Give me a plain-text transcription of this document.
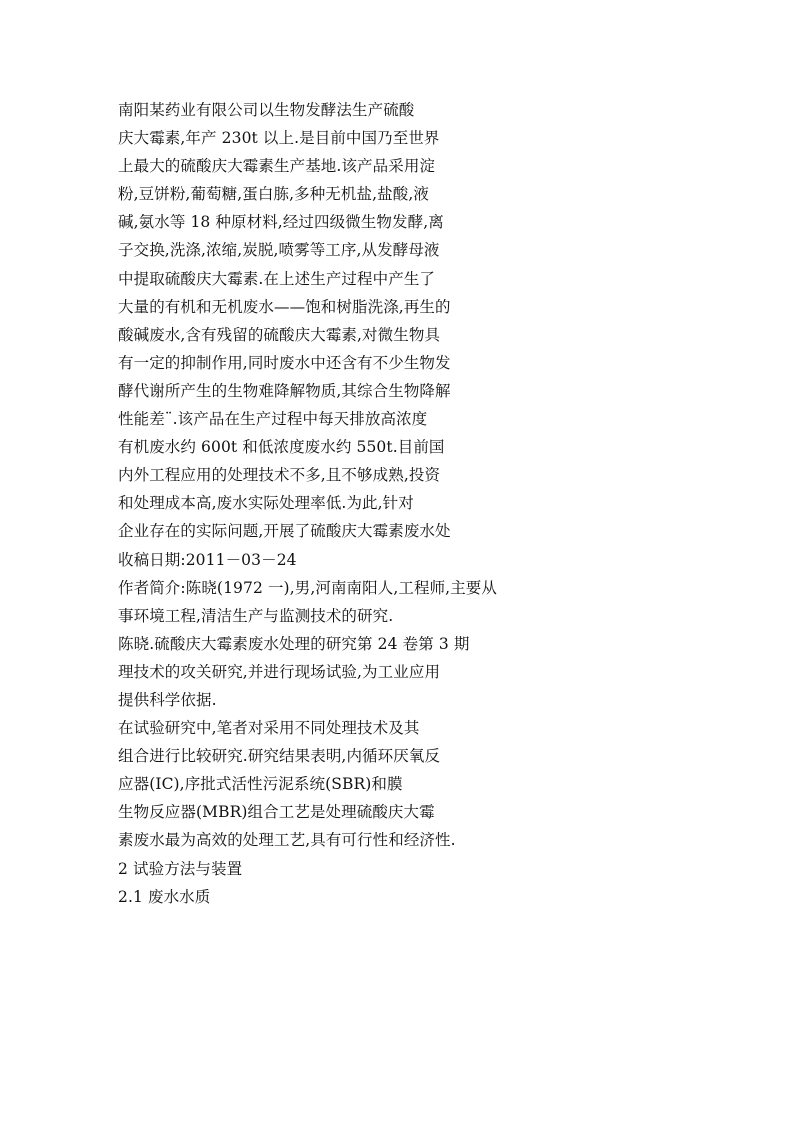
南阳某药业有限公司以生物发酵法生产硫酸
庆大霉素,年产 230t 以上.是目前中国乃至世界
上最大的硫酸庆大霉素生产基地.该产品采用淀
粉,豆饼粉,葡萄糖,蛋白胨,多种无机盐,盐酸,液
碱,氨水等 18 种原材料,经过四级微生物发酵,离
子交换,洗涤,浓缩,炭脱,喷雾等工序,从发酵母液
中提取硫酸庆大霉素.在上述生产过程中产生了
大量的有机和无机废水——饱和树脂洗涤,再生的
酸碱废水,含有残留的硫酸庆大霉素,对微生物具
有一定的抑制作用,同时废水中还含有不少生物发
酵代谢所产生的生物难降解物质,其综合生物降解
性能差¨.该产品在生产过程中每天排放高浓度
有机废水约 600t 和低浓度废水约 550t.目前国
内外工程应用的处理技术不多,且不够成熟,投资
和处理成本高,废水实际处理率低.为此,针对
企业存在的实际问题,开展了硫酸庆大霉素废水处
收稿日期:2011－03－24
作者简介:陈晓(1972 一),男,河南南阳人,工程师,主要从
事环境工程,清洁生产与监测技术的研究.
陈晓.硫酸庆大霉素废水处理的研究第 24 卷第 3 期
理技术的攻关研究,并进行现场试验,为工业应用
提供科学依据.
在试验研究中,笔者对采用不同处理技术及其
组合进行比较研究.研究结果表明,内循环厌氧反
应器(IC),序批式活性污泥系统(SBR)和膜
生物反应器(MBR)组合工艺是处理硫酸庆大霉
素废水最为高效的处理工艺,具有可行性和经济性.
2 试验方法与装置
2.1 废水水质
